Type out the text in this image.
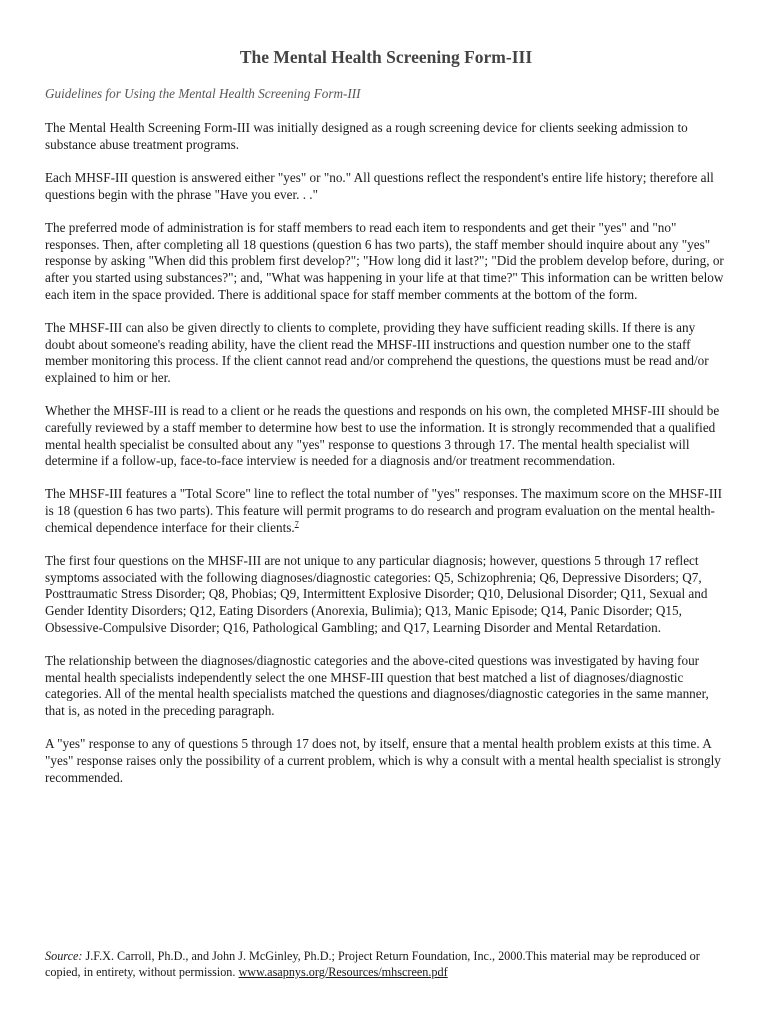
The Mental Health Screening Form-III

Guidelines for Using the Mental Health Screening Form-III

The Mental Health Screening Form-III was initially designed as a rough screening device for clients seeking admission to substance abuse treatment programs.

Each MHSF-III question is answered either "yes" or "no." All questions reflect the respondent's entire life history; therefore all questions begin with the phrase "Have you ever. . ."

The preferred mode of administration is for staff members to read each item to respondents and get their "yes" and "no" responses. Then, after completing all 18 questions (question 6 has two parts), the staff member should inquire about any "yes" response by asking "When did this problem first develop?"; "How long did it last?"; "Did the problem develop before, during, or after you started using substances?"; and, "What was happening in your life at that time?" This information can be written below each item in the space provided. There is additional space for staff member comments at the bottom of the form.

The MHSF-III can also be given directly to clients to complete, providing they have sufficient reading skills. If there is any doubt about someone's reading ability, have the client read the MHSF-III instructions and question number one to the staff member monitoring this process. If the client cannot read and/or comprehend the questions, the questions must be read and/or explained to him or her.

Whether the MHSF-III is read to a client or he reads the questions and responds on his own, the completed MHSF-III should be carefully reviewed by a staff member to determine how best to use the information. It is strongly recommended that a qualified mental health specialist be consulted about any "yes" response to questions 3 through 17. The mental health specialist will determine if a follow-up, face-to-face interview is needed for a diagnosis and/or treatment recommendation.

The MHSF-III features a "Total Score" line to reflect the total number of "yes" responses. The maximum score on the MHSF-III is 18 (question 6 has two parts). This feature will permit programs to do research and program evaluation on the mental health-chemical dependence interface for their clients.$^7$

The first four questions on the MHSF-III are not unique to any particular diagnosis; however, questions 5 through 17 reflect symptoms associated with the following diagnoses/diagnostic categories: Q5, Schizophrenia; Q6, Depressive Disorders; Q7, Posttraumatic Stress Disorder; Q8, Phobias; Q9, Intermittent Explosive Disorder; Q10, Delusional Disorder; Q11, Sexual and Gender Identity Disorders; Q12, Eating Disorders (Anorexia, Bulimia); Q13, Manic Episode; Q14, Panic Disorder; Q15, Obsessive-Compulsive Disorder; Q16, Pathological Gambling; and Q17, Learning Disorder and Mental Retardation.

The relationship between the diagnoses/diagnostic categories and the above-cited questions was investigated by having four mental health specialists independently select the one MHSF-III question that best matched a list of diagnoses/diagnostic categories. All of the mental health specialists matched the questions and diagnoses/diagnostic categories in the same manner, that is, as noted in the preceding paragraph.

A "yes" response to any of questions 5 through 17 does not, by itself, ensure that a mental health problem exists at this time. A "yes" response raises only the possibility of a current problem, which is why a consult with a mental health specialist is strongly recommended.

Source: J.F.X. Carroll, Ph.D., and John J. McGinley, Ph.D.; Project Return Foundation, Inc., 2000.This material may be reproduced or copied, in entirety, without permission. www.asapnys.org/Resources/mhscreen.pdf
